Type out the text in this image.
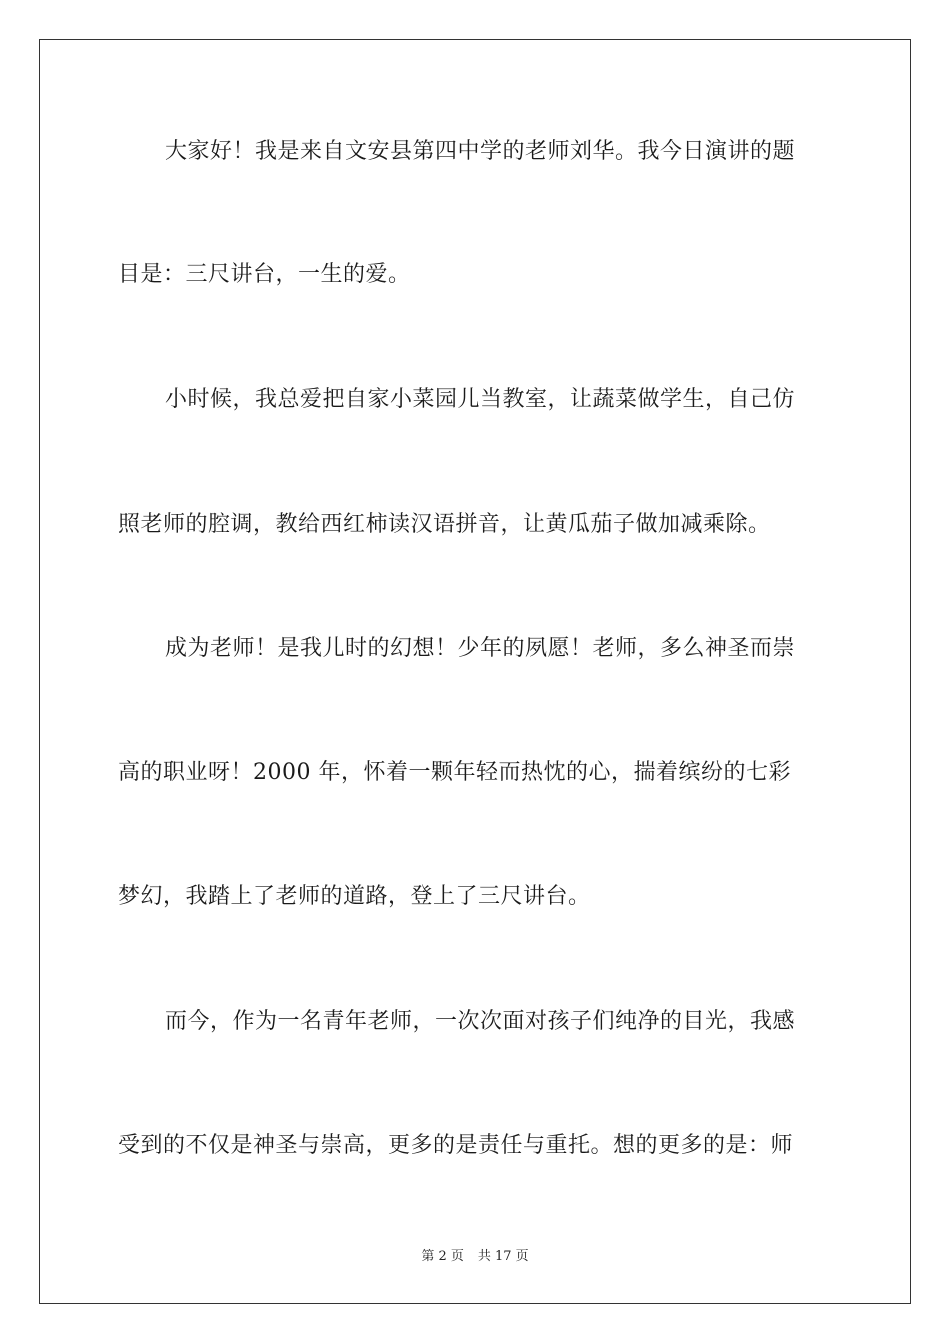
大家好！我是来自文安县第四中学的老师刘华。我今日演讲的题

目是：三尺讲台，一生的爱。

小时候，我总爱把自家小菜园儿当教室，让蔬菜做学生，自己仿

照老师的腔调，教给西红柿读汉语拼音，让黄瓜茄子做加减乘除。

成为老师！是我儿时的幻想！少年的夙愿！老师，多么神圣而崇

高的职业呀！2000 年，怀着一颗年轻而热忱的心，揣着缤纷的七彩

梦幻，我踏上了老师的道路，登上了三尺讲台。

而今，作为一名青年老师，一次次面对孩子们纯净的目光，我感

受到的不仅是神圣与崇高，更多的是责任与重托。想的更多的是：师

第 2 页 共 17 页
